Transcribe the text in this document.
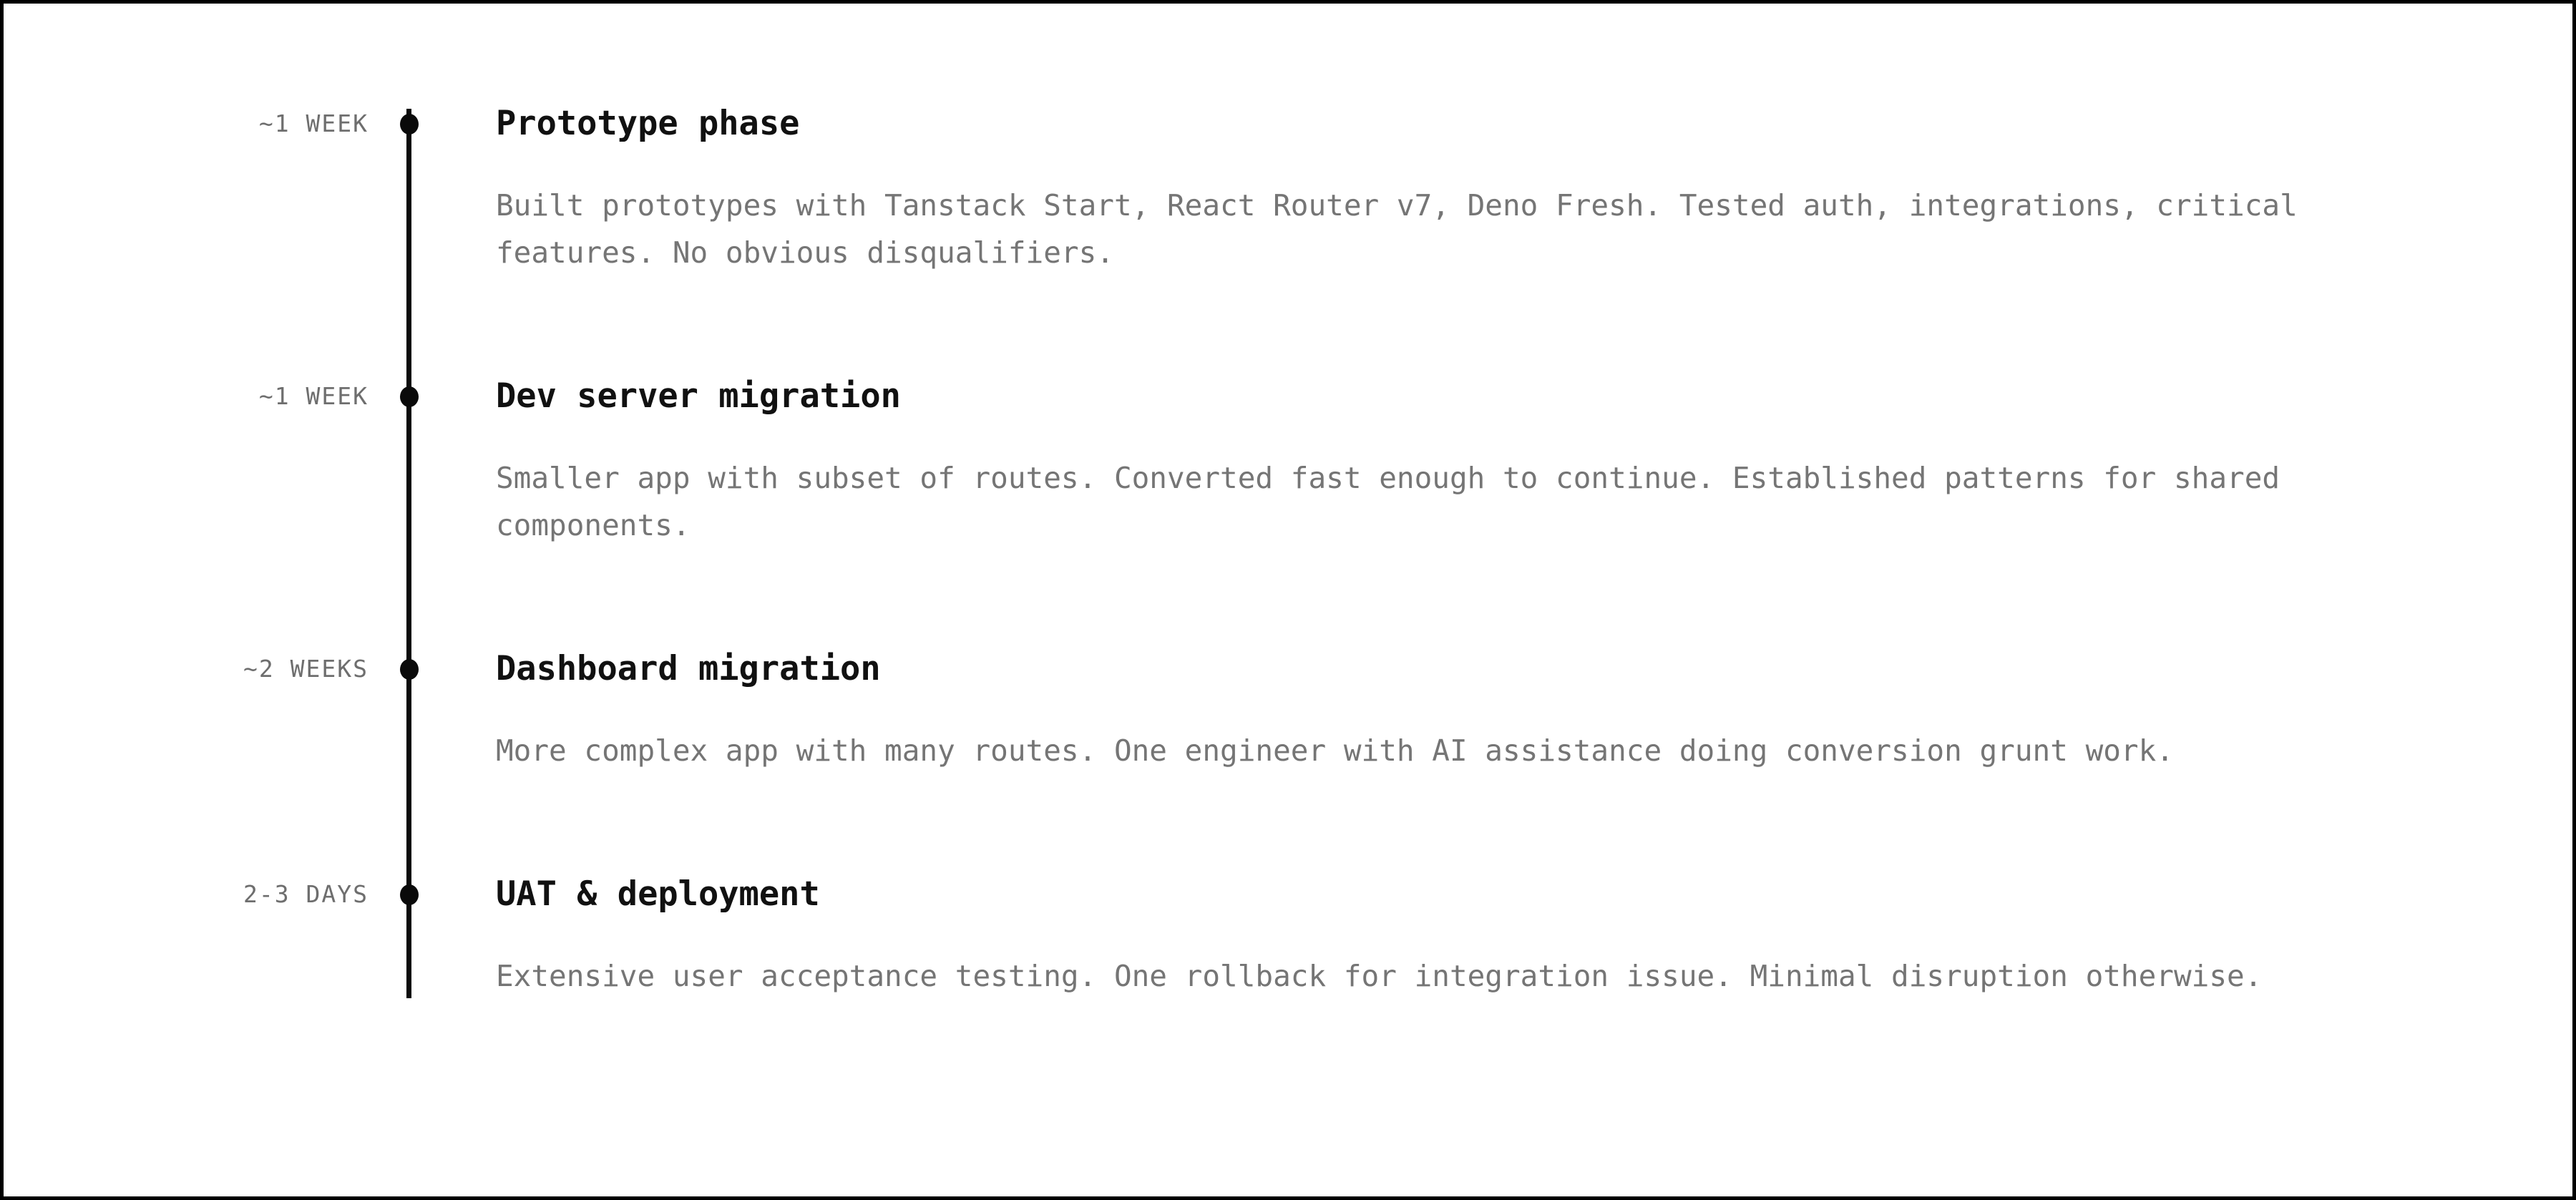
~1 WEEK	Prototype phase
Built prototypes with Tanstack Start, React Router v7, Deno Fresh. Tested auth, integrations, critical features. No obvious disqualifiers.
~1 WEEK	Dev server migration
Smaller app with subset of routes. Converted fast enough to continue. Established patterns for shared components.
~2 WEEKS	Dashboard migration
More complex app with many routes. One engineer with AI assistance doing conversion grunt work.
2-3 DAYS	UAT & deployment
Extensive user acceptance testing. One rollback for integration issue. Minimal disruption otherwise.
